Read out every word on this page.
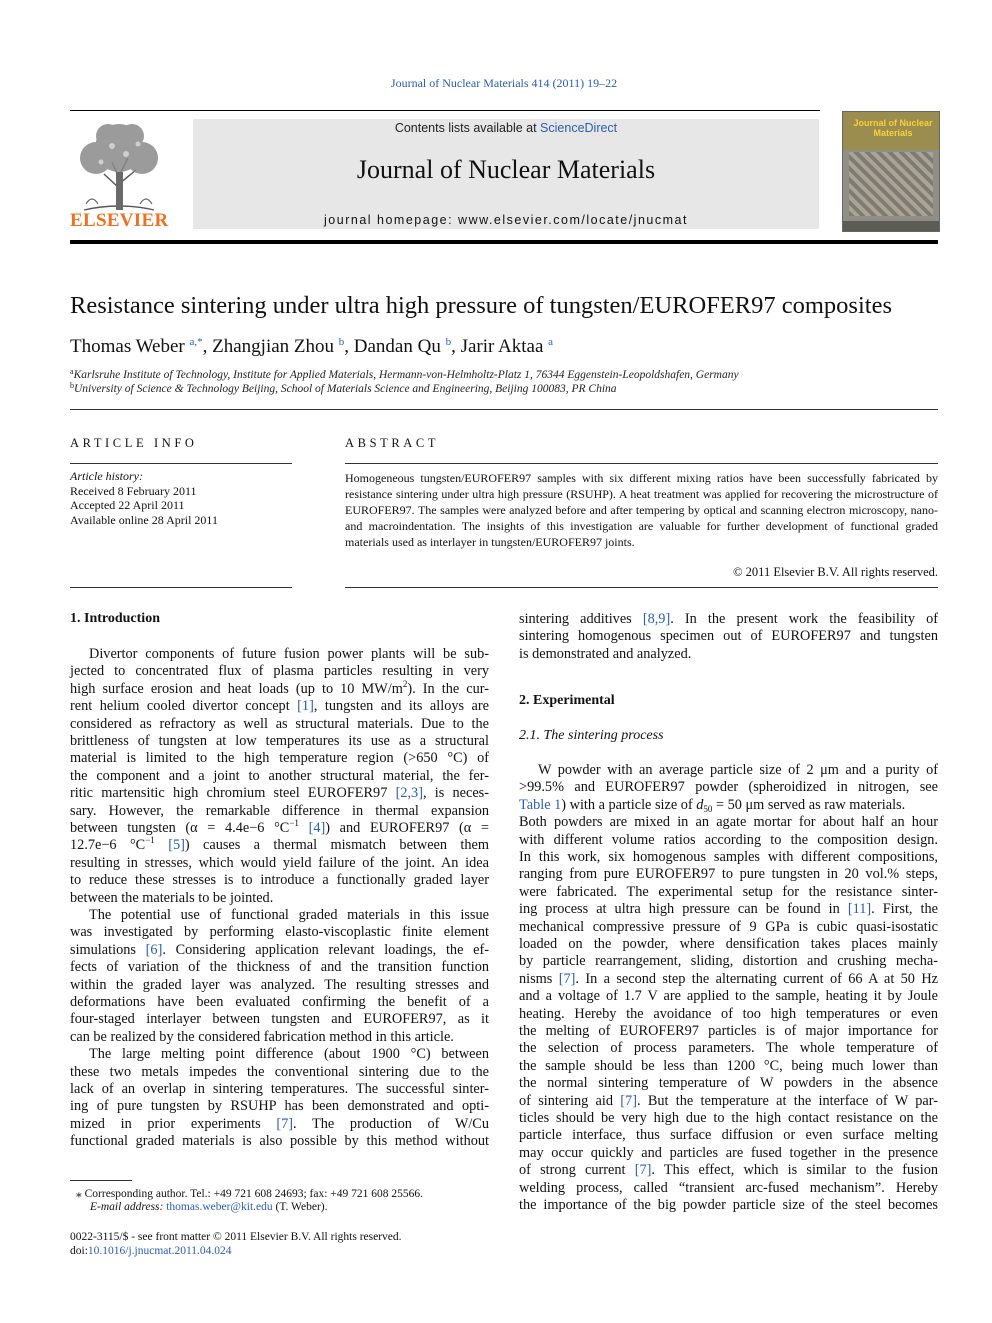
Journal of Nuclear Materials 414 (2011) 19–22
ELSEVIER
Contents lists available at ScienceDirect
Journal of Nuclear Materials
journal homepage: www.elsevier.com/locate/jnucmat
Journal of Nuclear Materials
Resistance sintering under ultra high pressure of tungsten/EUROFER97 composites
Thomas Weber $^{a,*}$, Zhangjian Zhou $^b$, Dandan Qu $^b$, Jarir Aktaa $^a$
$^a$Karlsruhe Institute of Technology, Institute for Applied Materials, Hermann-von-Helmholtz-Platz 1, 76344 Eggenstein-Leopoldshafen, Germany
$^b$University of Science & Technology Beijing, School of Materials Science and Engineering, Beijing 100083, PR China
ARTICLE INFO
Article history:
Received 8 February 2011
Accepted 22 April 2011
Available online 28 April 2011
ABSTRACT
Homogeneous tungsten/EUROFER97 samples with six different mixing ratios have been successfully fabricated by resistance sintering under ultra high pressure (RSUHP). A heat treatment was applied for recovering the microstructure of EUROFER97. The samples were analyzed before and after tempering by optical and scanning electron microscopy, nano- and macroindentation. The insights of this investigation are valuable for further development of functional graded materials used as interlayer in tungsten/EUROFER97 joints.
© 2011 Elsevier B.V. All rights reserved.
1. Introduction
2. Experimental
2.1. The sintering process
Divertor components of future fusion power plants will be sub-
jected to concentrated flux of plasma particles resulting in very
high surface erosion and heat loads (up to 10 $MW/m^2$). In the cur-
rent helium cooled divertor concept [1], tungsten and its alloys are
considered as refractory as well as structural materials. Due to the
brittleness of tungsten at low temperatures its use as a structural
material is limited to the high temperature region (>650 °C) of
the component and a joint to another structural material, the fer-
ritic martensitic high chromium steel EUROFER97 [2,3], is neces-
sary. However, the remarkable difference in thermal expansion
between tungsten (α = 4.4e−6 $^\circ C^{-1}$ [4]) and EUROFER97 (α =
12.7e−6 $^\circ C^{-1}$ [5]) causes a thermal mismatch between them
resulting in stresses, which would yield failure of the joint. An idea
to reduce these stresses is to introduce a functionally graded layer
between the materials to be jointed.
The potential use of functional graded materials in this issue
was investigated by performing elasto-viscoplastic finite element
simulations [6]. Considering application relevant loadings, the ef-
fects of variation of the thickness of and the transition function
within the graded layer was analyzed. The resulting stresses and
deformations have been evaluated confirming the benefit of a
four-staged interlayer between tungsten and EUROFER97, as it
can be realized by the considered fabrication method in this article.
The large melting point difference (about 1900 °C) between
these two metals impedes the conventional sintering due to the
lack of an overlap in sintering temperatures. The successful sinter-
ing of pure tungsten by RSUHP has been demonstrated and opti-
mized in prior experiments [7]. The production of W/Cu
functional graded materials is also possible by this method without
sintering additives [8,9]. In the present work the feasibility of
sintering homogenous specimen out of EUROFER97 and tungsten
is demonstrated and analyzed.
W powder with an average particle size of 2 μm and a purity of
>99.5% and EUROFER97 powder (spheroidized in nitrogen, see
Table 1) with a particle size of $d_{50} = 50$ μm served as raw materials.
Both powders are mixed in an agate mortar for about half an hour
with different volume ratios according to the composition design.
In this work, six homogenous samples with different compositions,
ranging from pure EUROFER97 to pure tungsten in 20 vol.% steps,
were fabricated. The experimental setup for the resistance sinter-
ing process at ultra high pressure can be found in [11]. First, the
mechanical compressive pressure of 9 GPa is cubic quasi-isostatic
loaded on the powder, where densification takes places mainly
by particle rearrangement, sliding, distortion and crushing mecha-
nisms [7]. In a second step the alternating current of 66 A at 50 Hz
and a voltage of 1.7 V are applied to the sample, heating it by Joule
heating. Hereby the avoidance of too high temperatures or even
the melting of EUROFER97 particles is of major importance for
the selection of process parameters. The whole temperature of
the sample should be less than 1200 °C, being much lower than
the normal sintering temperature of W powders in the absence
of sintering aid [7]. But the temperature at the interface of W par-
ticles should be very high due to the high contact resistance on the
particle interface, thus surface diffusion or even surface melting
may occur quickly and particles are fused together in the presence
of strong current [7]. This effect, which is similar to the fusion
welding process, called “transient arc-fused mechanism”. Hereby
the importance of the big powder particle size of the steel becomes
⁎ Corresponding author. Tel.: +49 721 608 24693; fax: +49 721 608 25566.
E-mail address: thomas.weber@kit.edu (T. Weber).
0022-3115/$ - see front matter © 2011 Elsevier B.V. All rights reserved.
doi:10.1016/j.jnucmat.2011.04.024
